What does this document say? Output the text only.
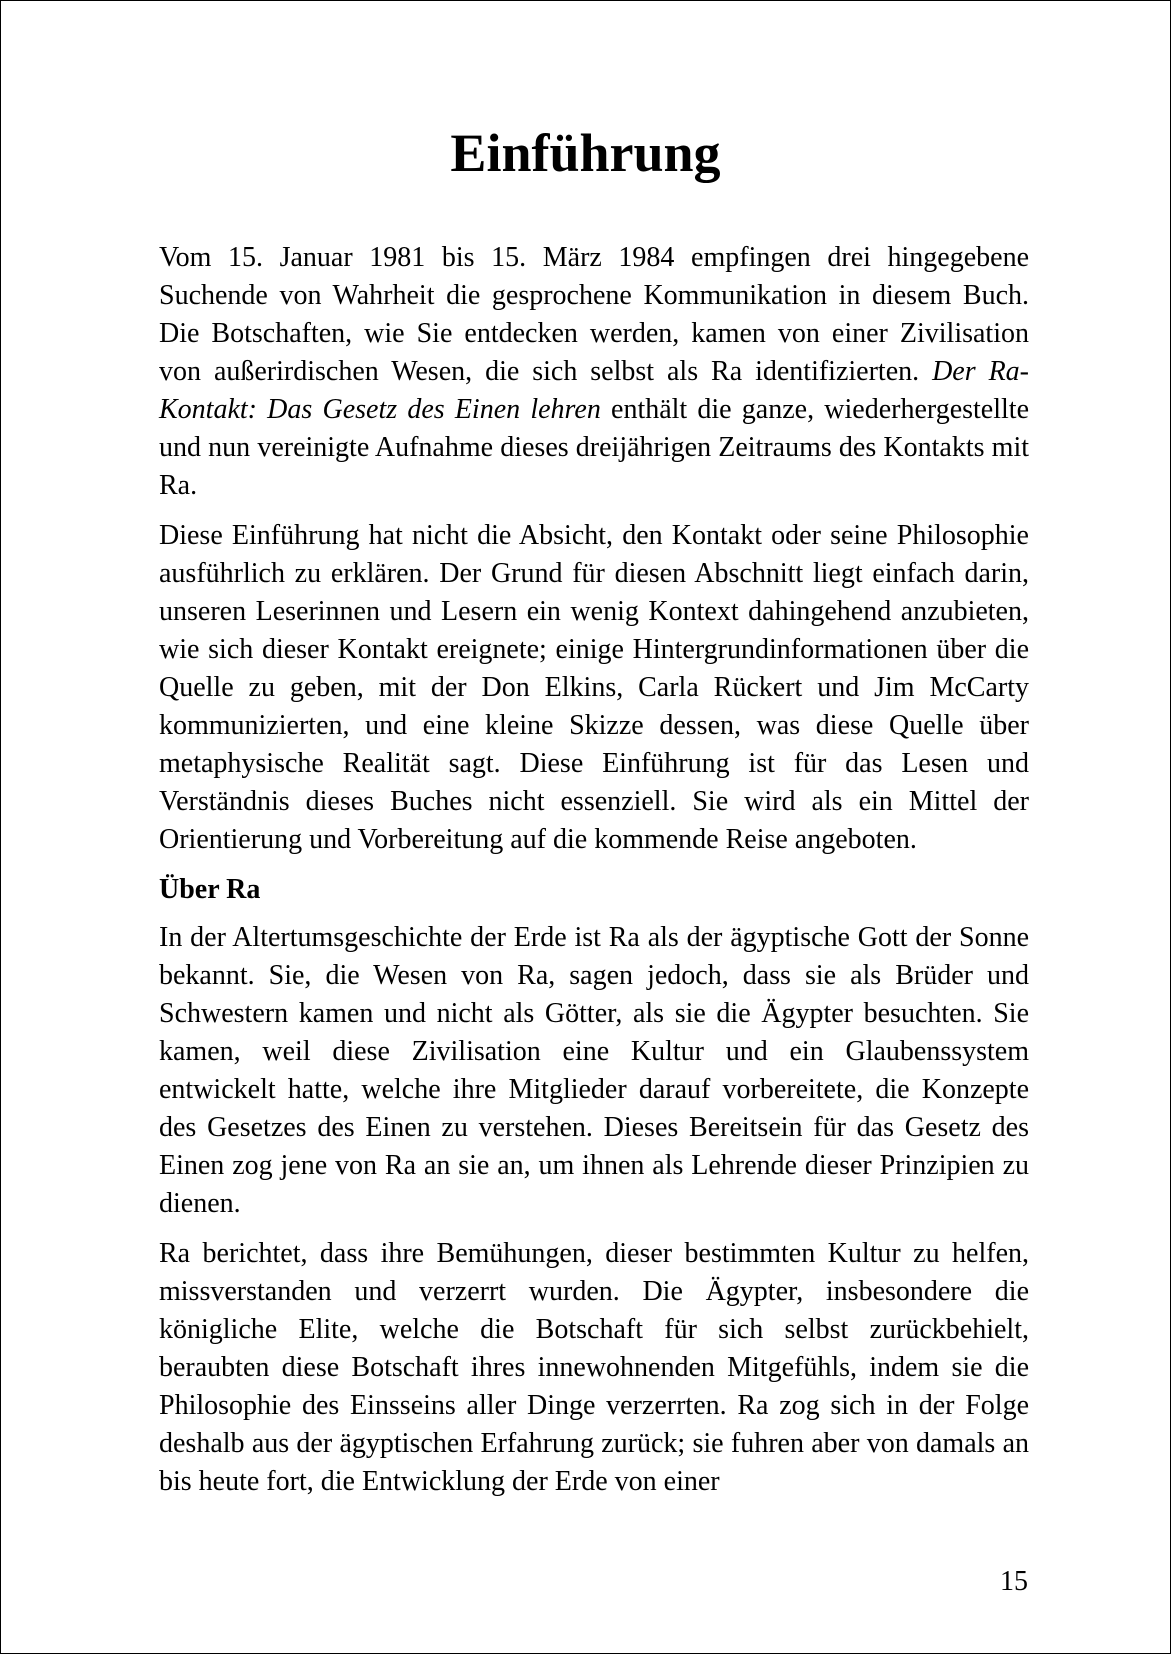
Einführung

Vom 15. Januar 1981 bis 15. März 1984 empfingen drei hingegebene Suchende von Wahrheit die gesprochene Kommunikation in diesem Buch. Die Botschaften, wie Sie entdecken werden, kamen von einer Zivilisation von außerirdischen Wesen, die sich selbst als Ra identifizierten. Der Ra-Kontakt: Das Gesetz des Einen lehren enthält die ganze, wiederhergestellte und nun vereinigte Aufnahme dieses dreijährigen Zeitraums des Kontakts mit Ra.

Diese Einführung hat nicht die Absicht, den Kontakt oder seine Philosophie ausführlich zu erklären. Der Grund für diesen Abschnitt liegt einfach darin, unseren Leserinnen und Lesern ein wenig Kontext dahingehend anzubieten, wie sich dieser Kontakt ereignete; einige Hintergrundinformationen über die Quelle zu geben, mit der Don Elkins, Carla Rückert und Jim McCarty kommunizierten, und eine kleine Skizze dessen, was diese Quelle über metaphysische Realität sagt. Diese Einführung ist für das Lesen und Verständnis dieses Buches nicht essenziell. Sie wird als ein Mittel der Orientierung und Vorbereitung auf die kommende Reise angeboten.

Über Ra

In der Altertumsgeschichte der Erde ist Ra als der ägyptische Gott der Sonne bekannt. Sie, die Wesen von Ra, sagen jedoch, dass sie als Brüder und Schwestern kamen und nicht als Götter, als sie die Ägypter besuchten. Sie kamen, weil diese Zivilisation eine Kultur und ein Glaubenssystem entwickelt hatte, welche ihre Mitglieder darauf vorbereitete, die Konzepte des Gesetzes des Einen zu verstehen. Dieses Bereitsein für das Gesetz des Einen zog jene von Ra an sie an, um ihnen als Lehrende dieser Prinzipien zu dienen.

Ra berichtet, dass ihre Bemühungen, dieser bestimmten Kultur zu helfen, missverstanden und verzerrt wurden. Die Ägypter, insbesondere die königliche Elite, welche die Botschaft für sich selbst zurückbehielt, beraubten diese Botschaft ihres innewohnenden Mitgefühls, indem sie die Philosophie des Einsseins aller Dinge verzerrten. Ra zog sich in der Folge deshalb aus der ägyptischen Erfahrung zurück; sie fuhren aber von damals an bis heute fort, die Entwicklung der Erde von einer

15
